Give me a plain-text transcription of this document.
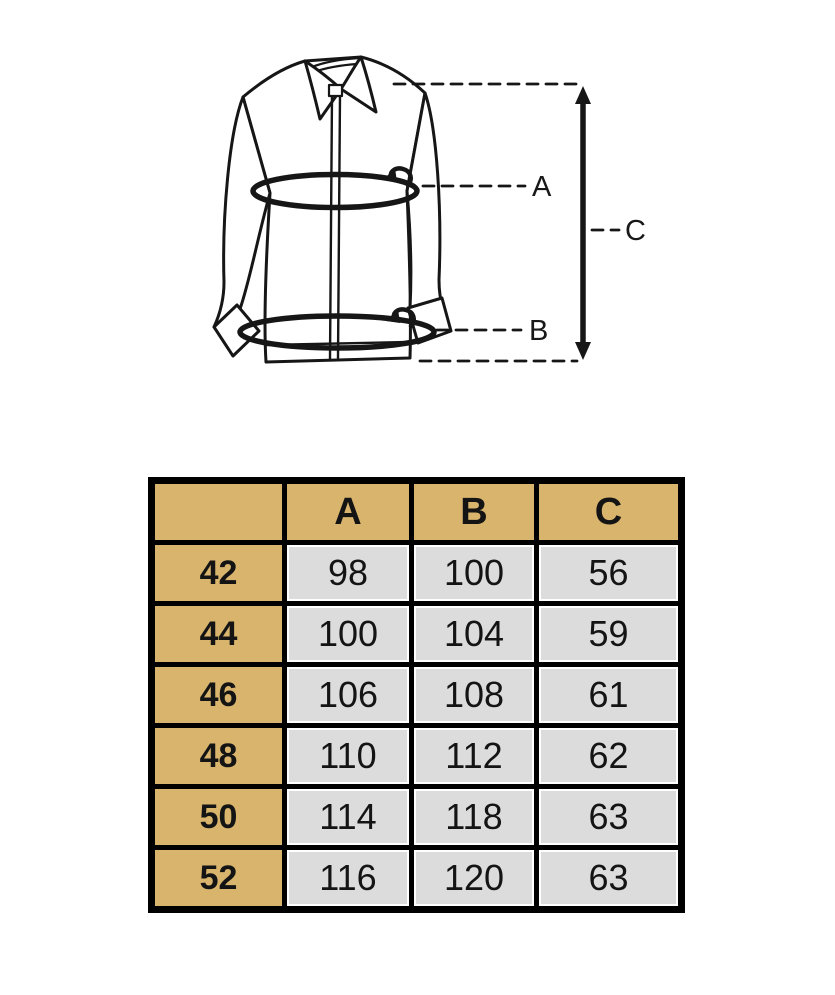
A
B
C
	A	B	C
42	98	100	56
44	100	104	59
46	106	108	61
48	110	112	62
50	114	118	63
52	116	120	63
